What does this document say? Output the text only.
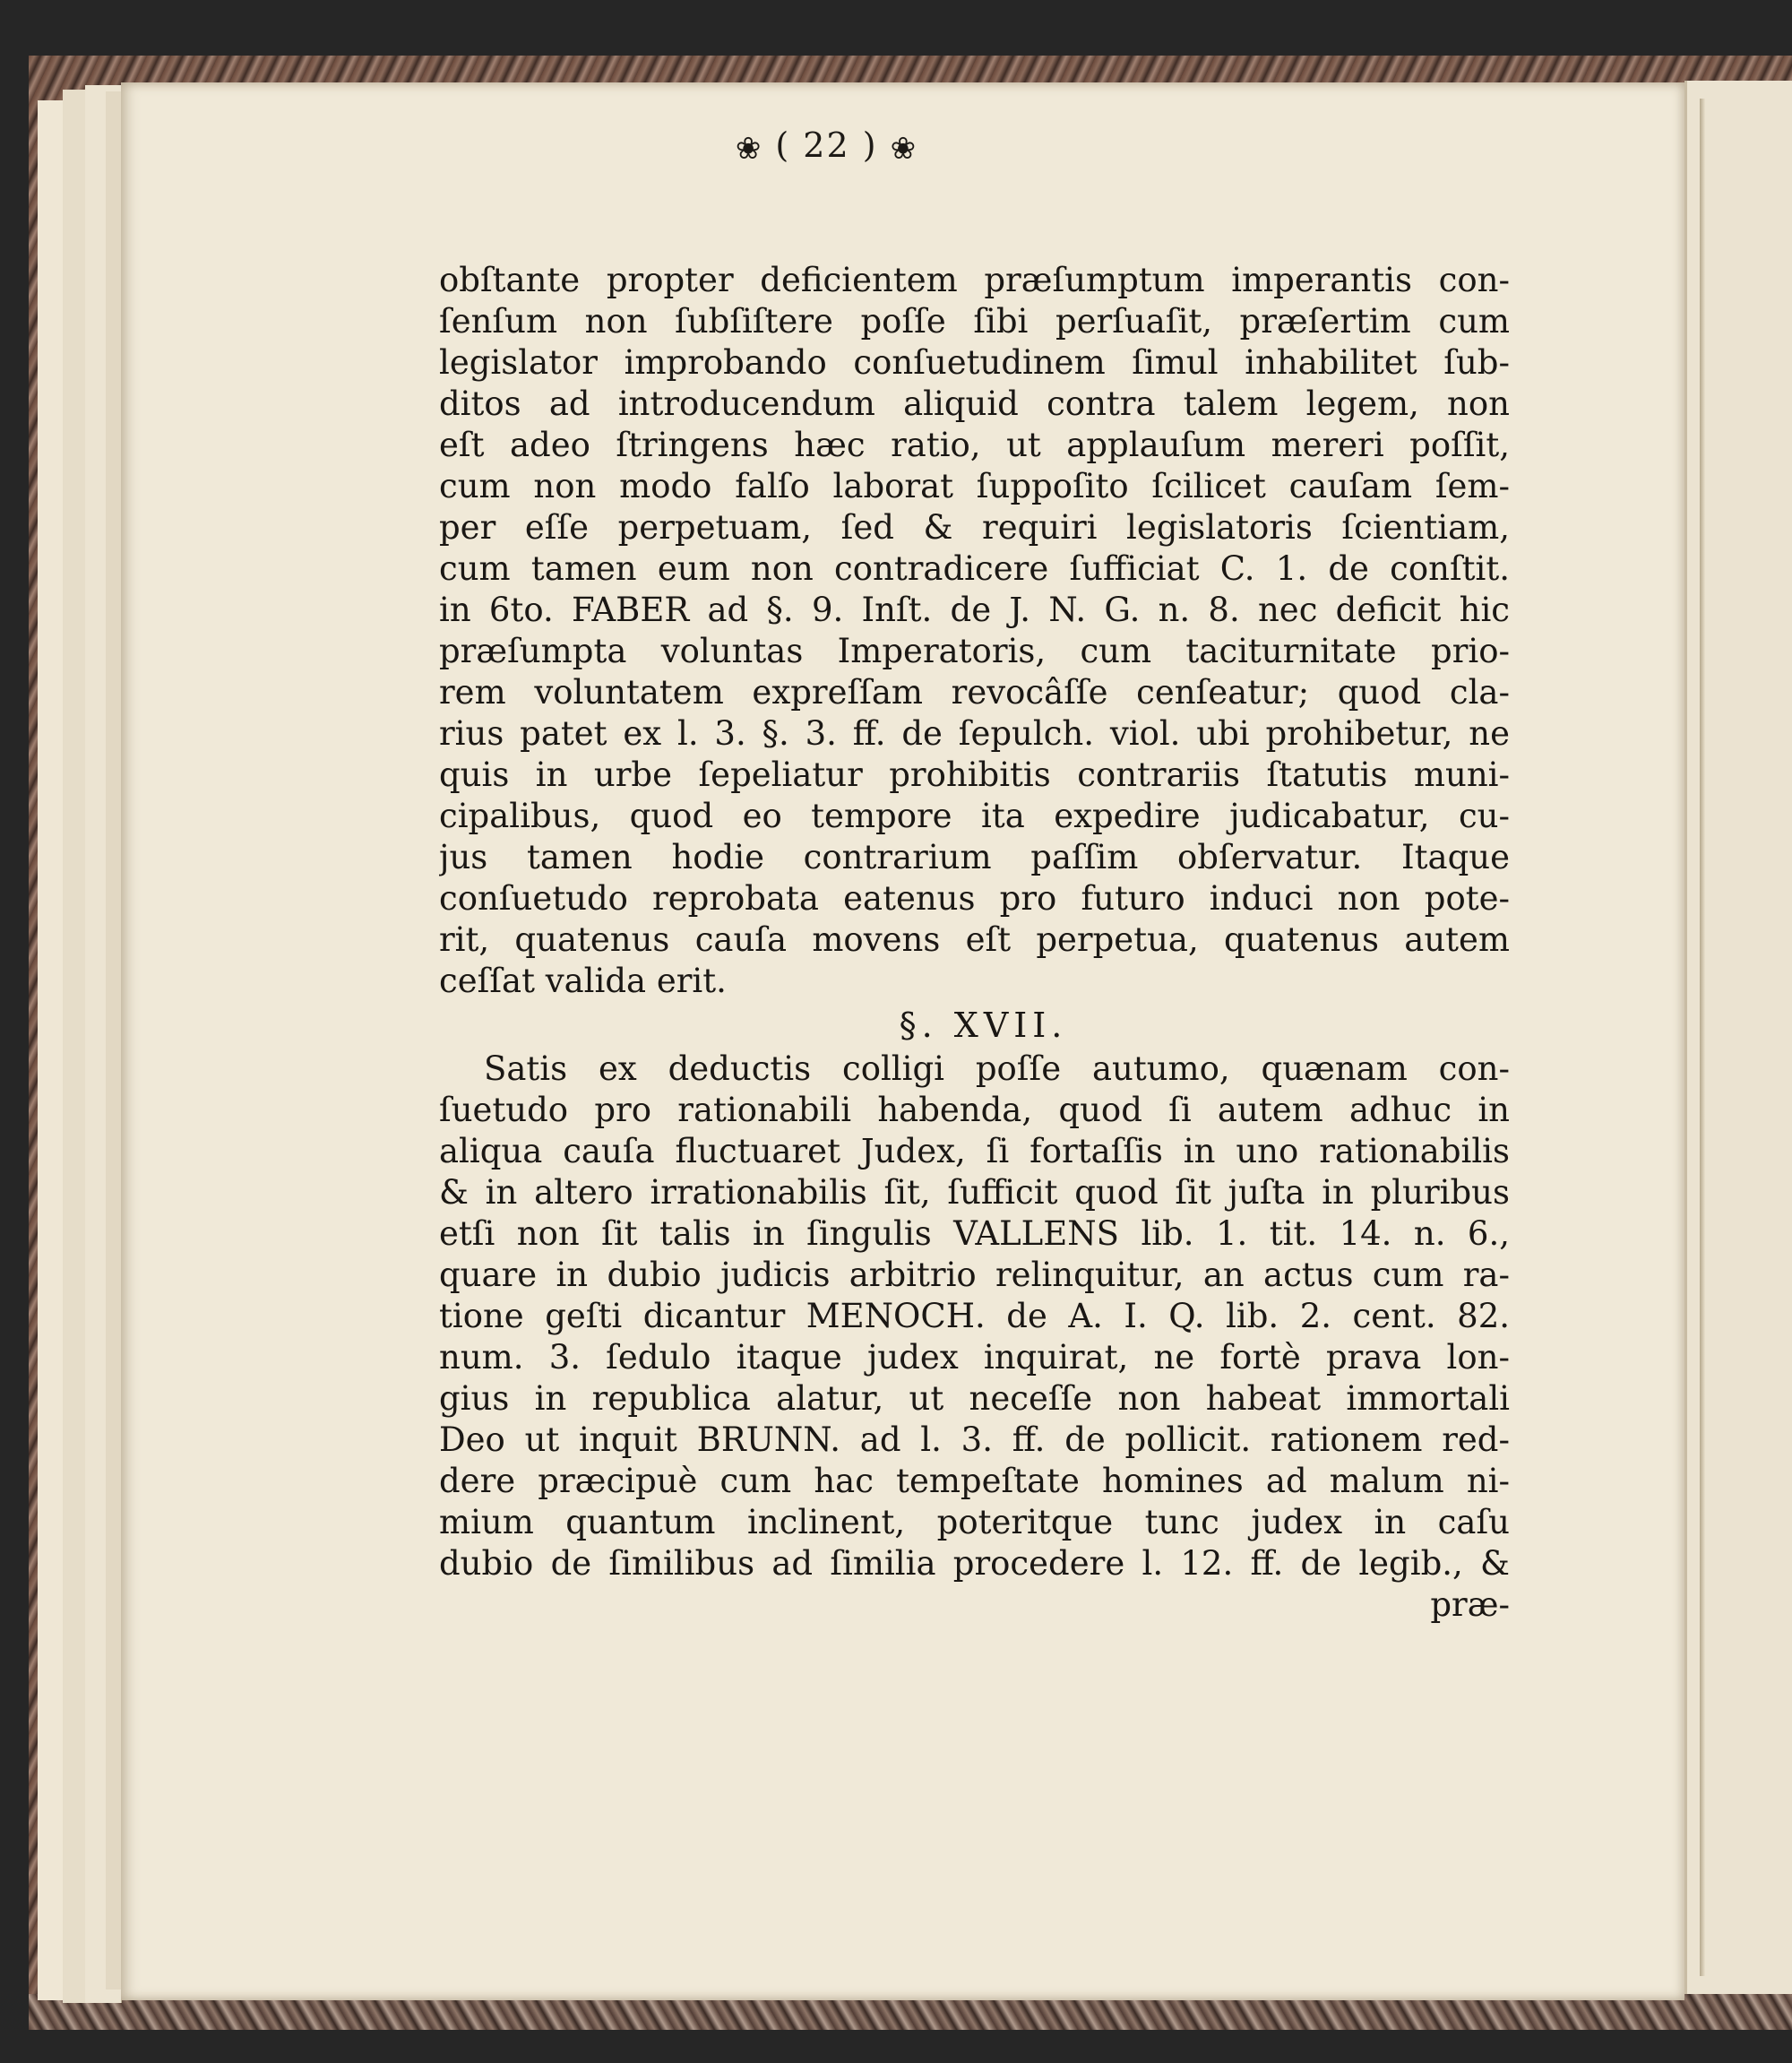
❀ ( 22 ) ❀
obſtante propter deficientem præſumptum imperantis con-
ſenſum non ſubſiſtere poſſe ſibi perſuaſit, præſertim cum
legislator improbando conſuetudinem ſimul inhabilitet ſub-
ditos ad introducendum aliquid contra talem legem, non
eſt adeo ſtringens hæc ratio, ut applauſum mereri poſſit,
cum non modo falſo laborat ſuppoſito ſcilicet cauſam ſem-
per eſſe perpetuam, ſed & requiri legislatoris ſcientiam,
cum tamen eum non contradicere ſufficiat C. 1. de conſtit.
in 6to. FABER ad §. 9. Inſt. de J. N. G. n. 8. nec deficit hic
præſumpta voluntas Imperatoris, cum taciturnitate prio-
rem voluntatem expreſſam revocâſſe cenſeatur; quod cla-
rius patet ex l. 3. §. 3. ff. de ſepulch. viol. ubi prohibetur, ne
quis in urbe ſepeliatur prohibitis contrariis ſtatutis muni-
cipalibus, quod eo tempore ita expedire judicabatur, cu-
jus tamen hodie contrarium paſſim obſervatur. Itaque
conſuetudo reprobata eatenus pro futuro induci non pote-
rit, quatenus cauſa movens eſt perpetua, quatenus autem
ceſſat valida erit.
§. XVII.
Satis ex deductis colligi poſſe autumo, quænam con-
ſuetudo pro rationabili habenda, quod ſi autem adhuc in
aliqua cauſa fluctuaret Judex, ſi fortaſſis in uno rationabilis
& in altero irrationabilis ſit, ſufficit quod ſit juſta in pluribus
etſi non ſit talis in ſingulis VALLENS lib. 1. tit. 14. n. 6.,
quare in dubio judicis arbitrio relinquitur, an actus cum ra-
tione geſti dicantur MENOCH. de A. I. Q. lib. 2. cent. 82.
num. 3. ſedulo itaque judex inquirat, ne fortè prava lon-
gius in republica alatur, ut neceſſe non habeat immortali
Deo ut inquit BRUNN. ad l. 3. ff. de pollicit. rationem red-
dere præcipuè cum hac tempeſtate homines ad malum ni-
mium quantum inclinent, poteritque tunc judex in caſu
dubio de ſimilibus ad ſimilia procedere l. 12. ff. de legib., &
præ-
